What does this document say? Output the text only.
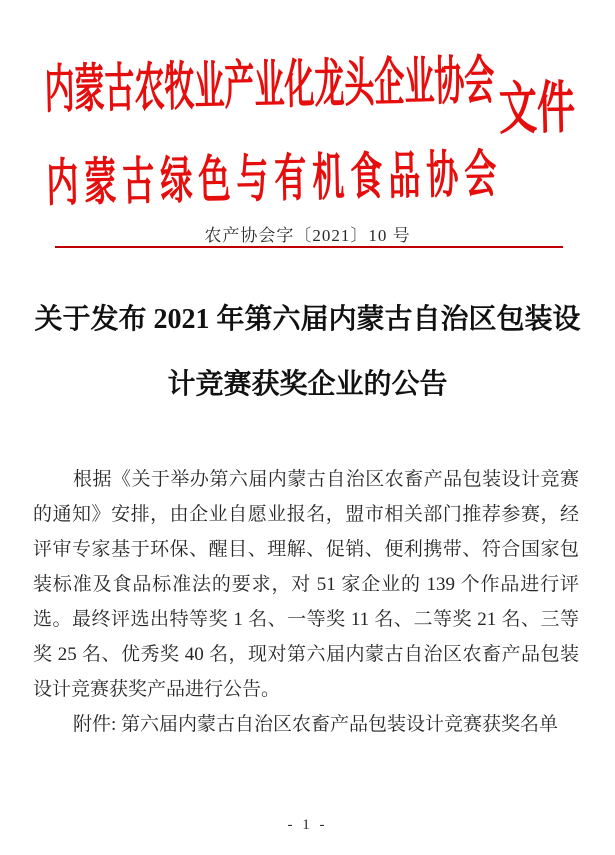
内蒙古农牧业产业化龙头企业协会
内蒙古绿色与有机食品协会
文件
农产协会字〔2021〕10 号
关于发布 2021 年第六届内蒙古自治区包装设
计竞赛获奖企业的公告
根据《关于举办第六届内蒙古自治区农畜产品包装设计竞赛
的通知》安排，由企业自愿业报名，盟市相关部门推荐参赛，经
评审专家基于环保、醒目、理解、促销、便利携带、符合国家包
装标准及食品标准法的要求，对 51 家企业的 139 个作品进行评
选。最终评选出特等奖 1 名、一等奖 11 名、二等奖 21 名、三等
奖 25 名、优秀奖 40 名，现对第六届内蒙古自治区农畜产品包装
设计竞赛获奖产品进行公告。
附件: 第六届内蒙古自治区农畜产品包装设计竞赛获奖名单
- 1 -
